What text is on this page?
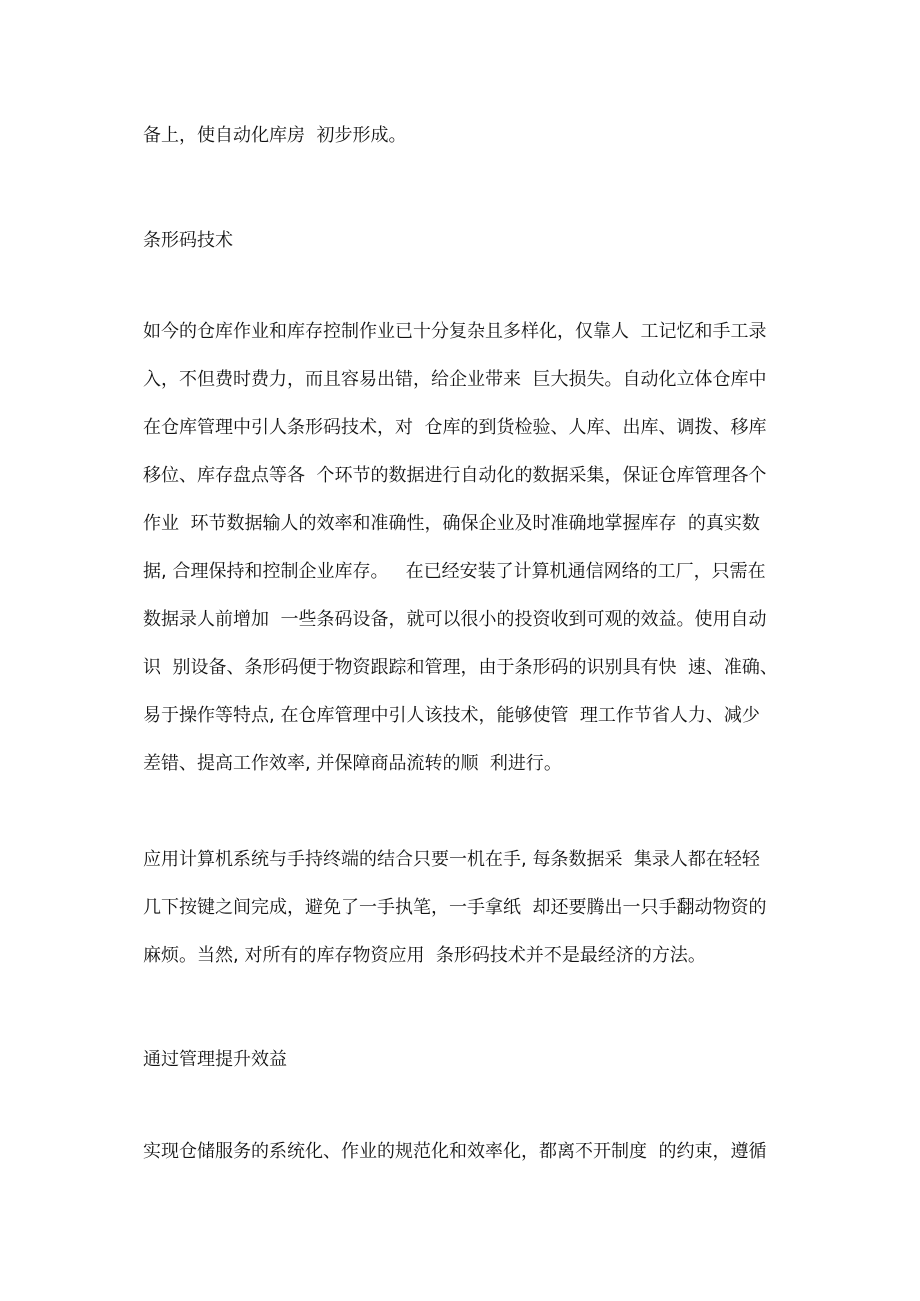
备上，使自动化库房  初步形成。

条形码技术

如今的仓库作业和库存控制作业已十分复杂且多样化，仅靠人  工记忆和手工录

入，不但费时费力，而且容易出错，给企业带来  巨大损失。自动化立体仓库中

在仓库管理中引人条形码技术，对  仓库的到货检验、人库、出库、调拨、移库

移位、库存盘点等各  个环节的数据进行自动化的数据采集，保证仓库管理各个

作业  环节数据输人的效率和准确性，确保企业及时准确地掌握库存  的真实数

据, 合理保持和控制企业库存。   在已经安装了计算机通信网络的工厂，只需在

数据录人前增加  一些条码设备，就可以很小的投资收到可观的效益。使用自动

识  别设备、条形码便于物资跟踪和管理，由于条形码的识别具有快  速、准确、

易于操作等特点, 在仓库管理中引人该技术，能够使管  理工作节省人力、减少

差错、提高工作效率, 并保障商品流转的顺  利进行。

应用计算机系统与手持终端的结合只要一机在手, 每条数据采  集录人都在轻轻

几下按键之间完成，避免了一手执笔，一手拿纸  却还要腾出一只手翻动物资的

麻烦。当然, 对所有的库存物资应用  条形码技术并不是最经济的方法。

通过管理提升效益

实现仓储服务的系统化、作业的规范化和效率化，都离不开制度  的约束，遵循
